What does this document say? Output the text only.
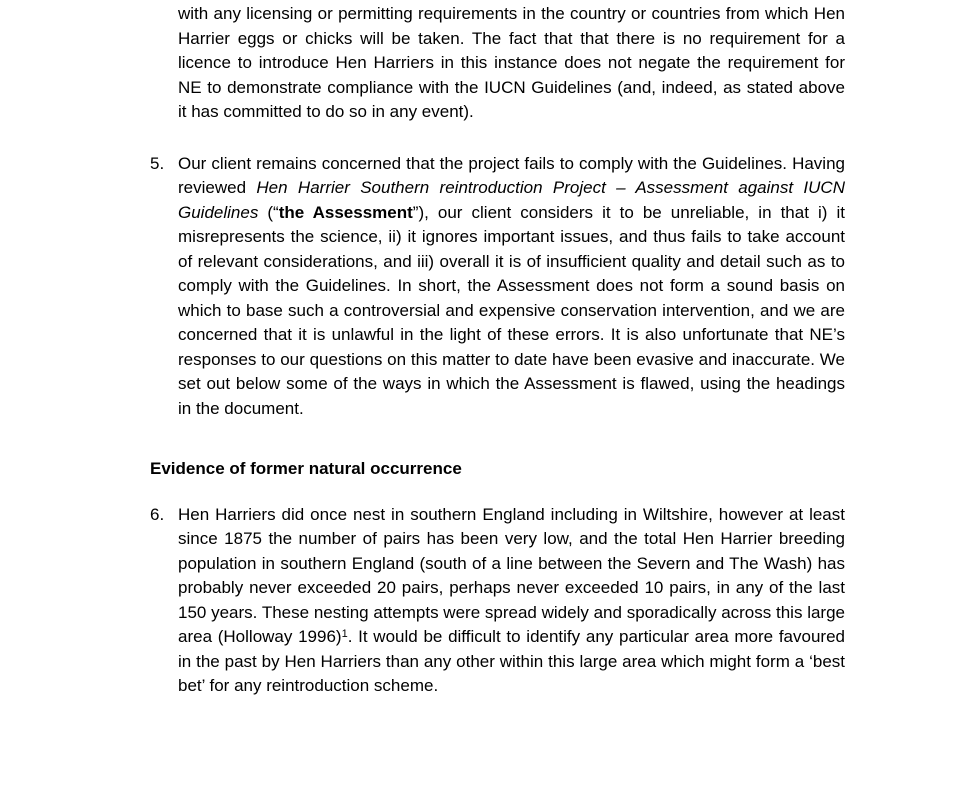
with any licensing or permitting requirements in the country or countries from which Hen Harrier eggs or chicks will be taken. The fact that that there is no requirement for a licence to introduce Hen Harriers in this instance does not negate the requirement for NE to demonstrate compliance with the IUCN Guidelines (and, indeed, as stated above it has committed to do so in any event).
5. Our client remains concerned that the project fails to comply with the Guidelines. Having reviewed Hen Harrier Southern reintroduction Project – Assessment against IUCN Guidelines (“the Assessment”), our client considers it to be unreliable, in that i) it misrepresents the science, ii) it ignores important issues, and thus fails to take account of relevant considerations, and iii) overall it is of insufficient quality and detail such as to comply with the Guidelines. In short, the Assessment does not form a sound basis on which to base such a controversial and expensive conservation intervention, and we are concerned that it is unlawful in the light of these errors. It is also unfortunate that NE’s responses to our questions on this matter to date have been evasive and inaccurate. We set out below some of the ways in which the Assessment is flawed, using the headings in the document.
Evidence of former natural occurrence
6. Hen Harriers did once nest in southern England including in Wiltshire, however at least since 1875 the number of pairs has been very low, and the total Hen Harrier breeding population in southern England (south of a line between the Severn and The Wash) has probably never exceeded 20 pairs, perhaps never exceeded 10 pairs, in any of the last 150 years. These nesting attempts were spread widely and sporadically across this large area (Holloway 1996)$^1$. It would be difficult to identify any particular area more favoured in the past by Hen Harriers than any other within this large area which might form a ‘best bet’ for any reintroduction scheme.
